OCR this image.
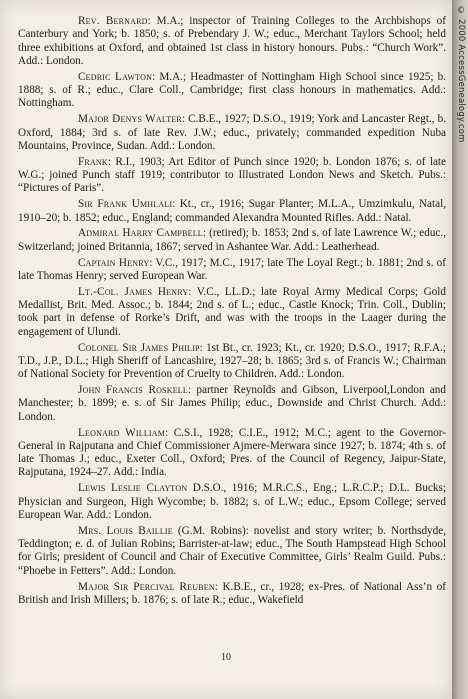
Rev. Bernard: M.A.; inspector of Training Colleges to the Archbishops of Canterbury and York; b. 1850; s. of Prebendary J. W.; educ., Merchant Taylors School; held three exhibitions at Oxford, and obtained 1st class in history honours. Pubs.: “Church Work”. Add.: London.

Cedric Lawton: M.A.; Headmaster of Nottingham High School since 1925; b. 1888; s. of R.; educ., Clare Coll., Cambridge; first class honours in mathematics. Add.: Nottingham.

Major Denys Walter: C.B.E., 1927; D.S.O., 1919; York and Lancaster Regt., b. Oxford, 1884; 3rd s. of late Rev. J.W.; educ., privately; commanded expedition Nuba Mountains, Province, Sudan. Add.: London.

Frank: R.I., 1903; Art Editor of Punch since 1920; b. London 1876; s. of late W.G.; joined Punch staff 1919; contributor to Illustrated London News and Sketch. Pubs.: “Pictures of Paris”.

Sir Frank Umhlali: Kt., cr., 1916; Sugar Planter; M.L.A., Umzimkulu, Natal, 1910–20; b. 1852; educ., England; commanded Alexandra Mounted Rifles. Add.: Natal.

Admiral Harry Campbell: (retired); b. 1853; 2nd s. of late Lawrence W.; educ., Switzerland; joined Britannia, 1867; served in Ashantee War. Add.: Leatherhead.

Captain Henry: V.C., 1917; M.C., 1917; late The Loyal Regt.; b. 1881; 2nd s. of late Thomas Henry; served European War.

Lt.-Col. James Henry: V.C., LL.D.; late Royal Army Medical Corps; Gold Medallist, Brit. Med. Assoc.; b. 1844; 2nd s. of L.; educ., Castle Knock; Trin. Coll., Dublin; took part in defense of Rorke’s Drift, and was with the troops in the Laager during the engagement of Ulundi.

Colonel Sir James Philip: 1st Bt., cr. 1923; Kt., cr. 1920; D.S.O., 1917; R.F.A.; T.D., J.P., D.L.; High Sheriff of Lancashire, 1927–28; b. 1865; 3rd s. of Francis W.; Chairman of National Society for Prevention of Cruelty to Children. Add.: London.

John Francis Roskell: partner Reynolds and Gibson, Liverpool,London and Manchester; b. 1899; e. s. of Sir James Philip; educ., Downside and Christ Church. Add.: London.

Leonard William: C.S.I., 1928; C.I.E., 1912; M.C.; agent to the Governor-General in Rajputana and Chief Commissioner Ajmere-Merwara since 1927; b. 1874; 4th s. of late Thomas J.; educ., Exeter Coll., Oxford; Pres. of the Council of Regency, Jaipur-State, Rajputana, 1924–27. Add.: India.

Lewis Leslie Clayton D.S.O., 1916; M.R.C.S., Eng.; L.R.C.P.; D.L. Bucks; Physician and Surgeon, High Wycombe; b. 1882; s. of L.W.; educ., Epsom College; served European War. Add.: London.

Mrs. Louis Baillie (G.M. Robins): novelist and story writer; b. Northsdyde, Teddington; e. d. of Julian Robins; Barrister-at-law; educ., The South Hampstead High School for Girls; president of Council and Chair of Executive Committee, Girls’ Realm Guild. Pubs.: “Phoebe in Fetters”. Add.: London.

Major Sir Percival Reuben: K.B.E., cr., 1928; ex-Pres. of National Ass’n of British and Irish Millers; b. 1876; s. of late R.; educ., Wakefield

10
© 2000 AccessGenealogy.com
